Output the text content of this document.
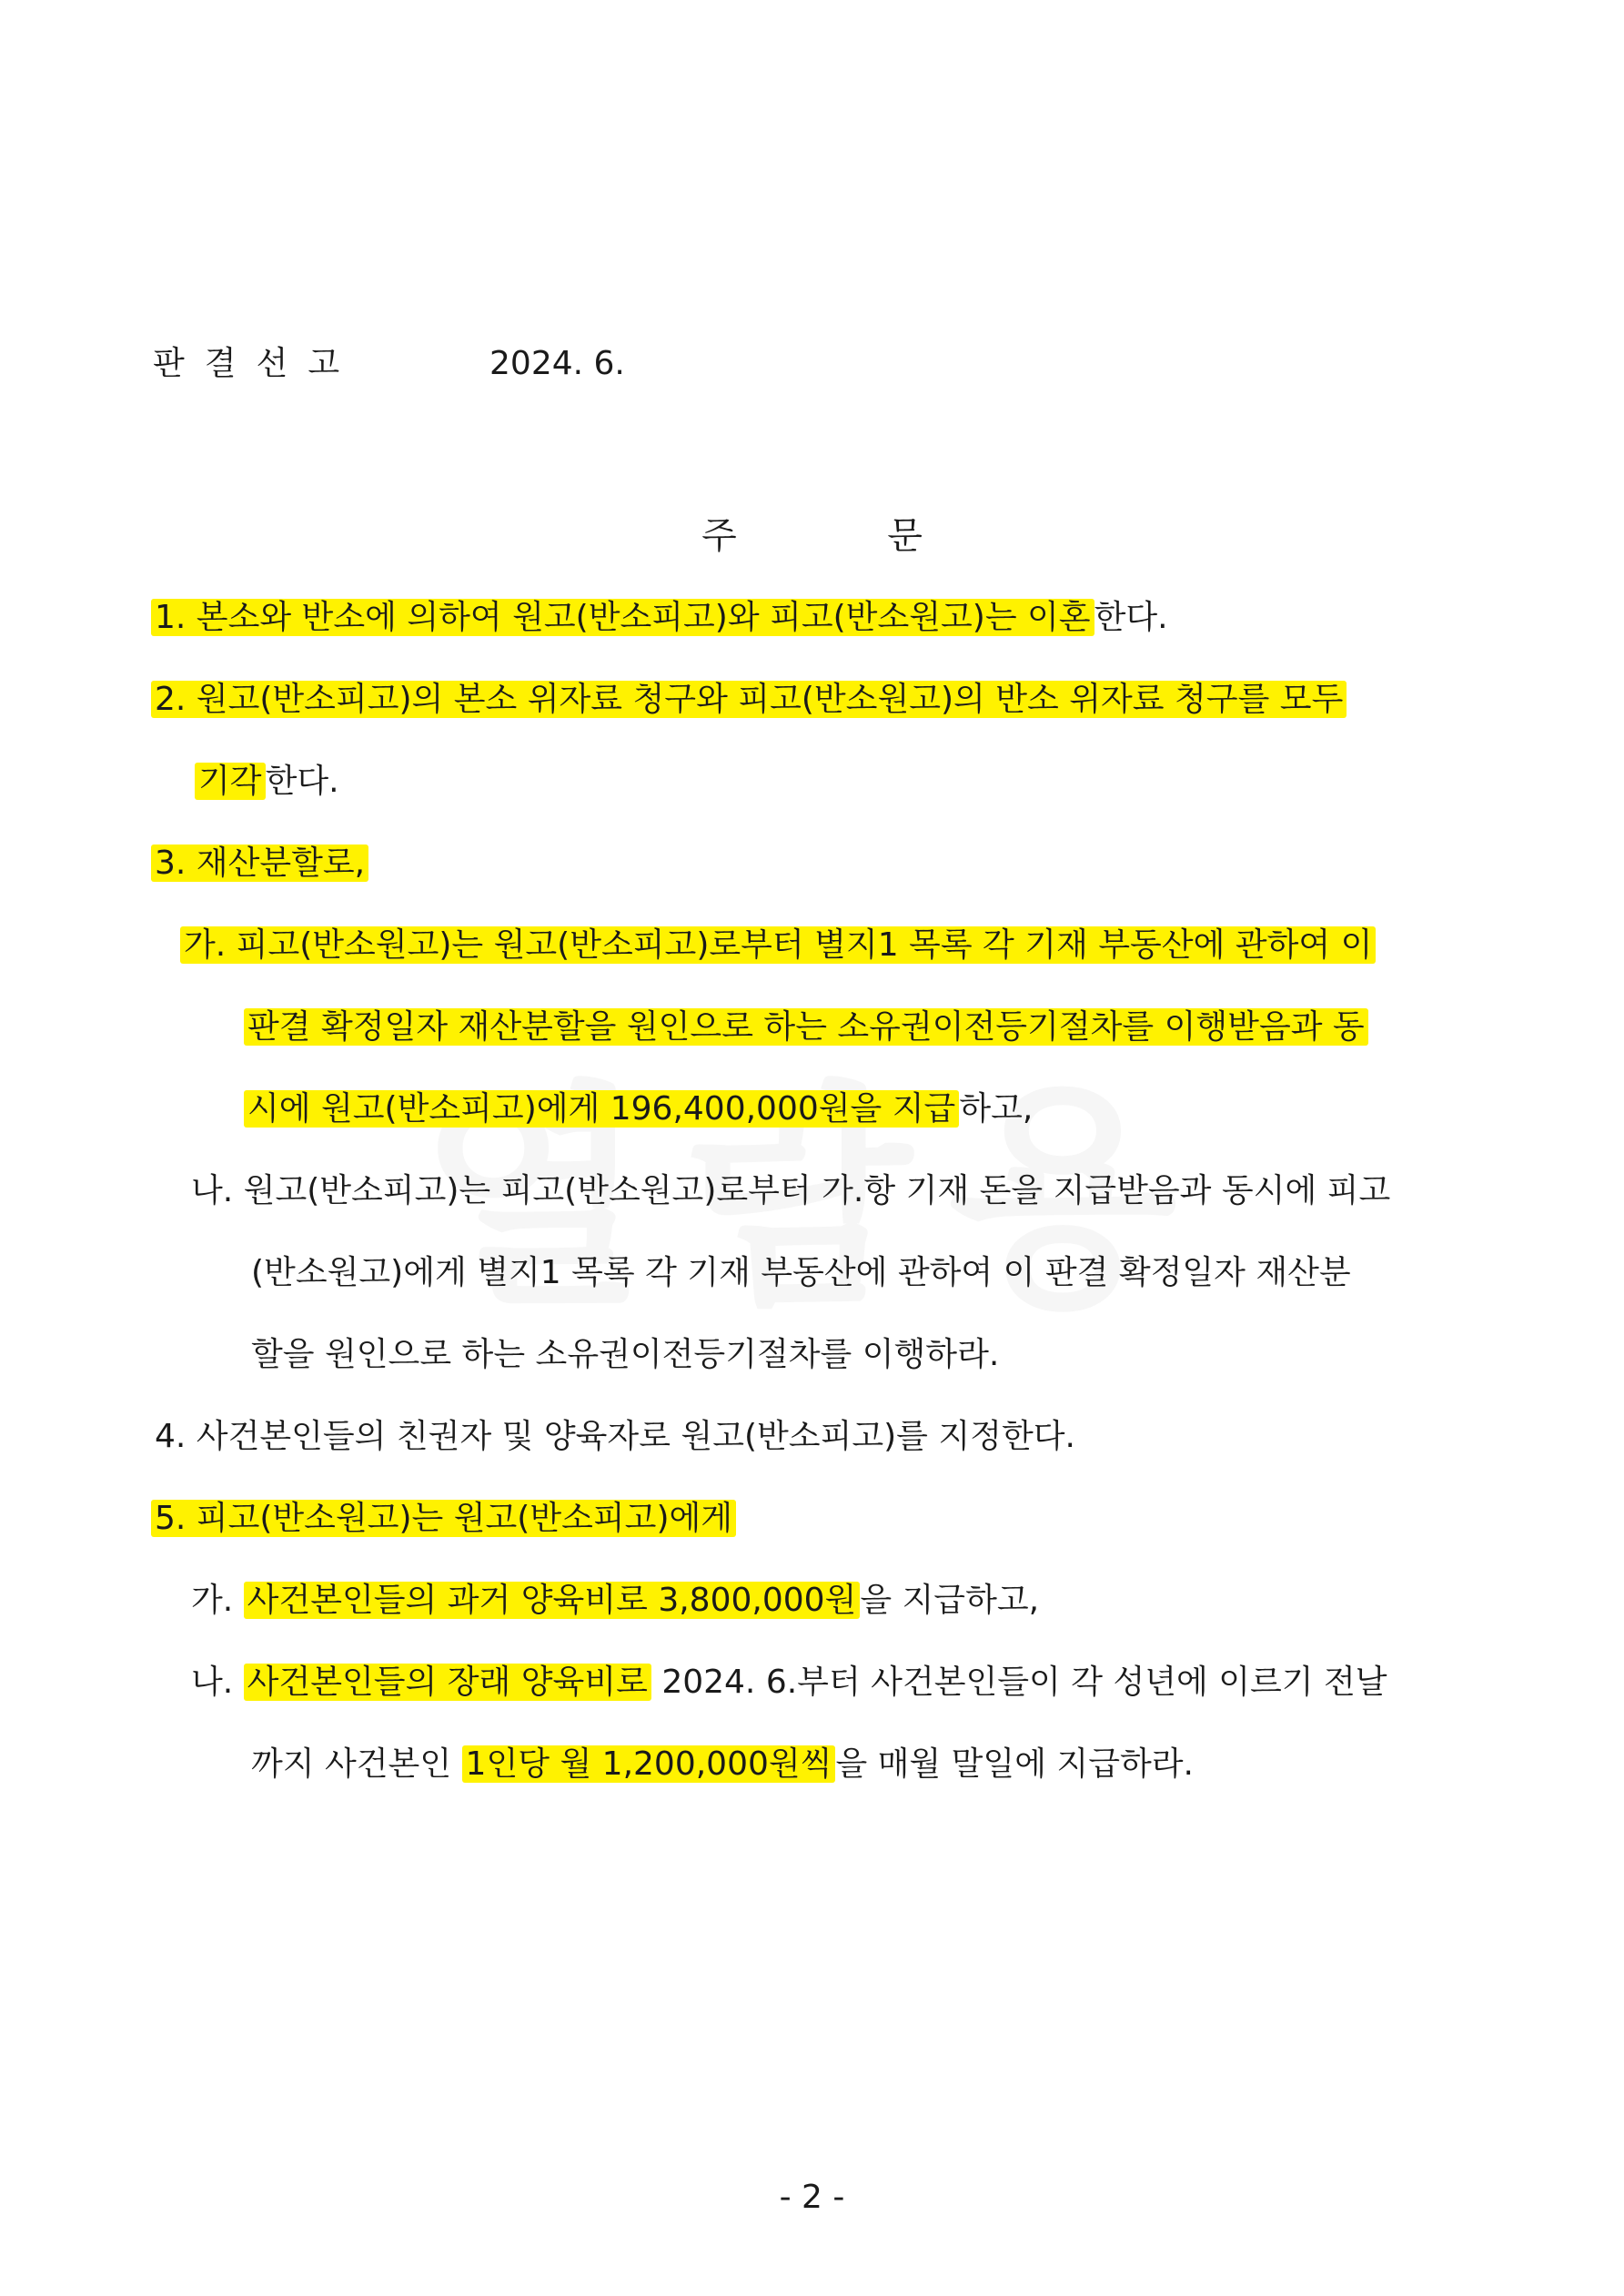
판결선고	2024. 6.
주	문
1. 본소와 반소에 의하여 원고(반소피고)와 피고(반소원고)는 이혼 한다.
2. 원고(반소피고)의 본소 위자료 청구와 피고(반소원고)의 반소 위자료 청구를 모두
기각 한다.
3. 재산분할로,
가. 피고(반소원고)는 원고(반소피고)로부터 별지1 목록 각 기재 부동산에 관하여 이
판결 확정일자 재산분할을 원인으로 하는 소유권이전등기절차를 이행받음과 동
시에 원고(반소피고)에게 196,400,000원을 지급 하고,
나. 원고(반소피고)는 피고(반소원고)로부터 가.항 기재 돈을 지급받음과 동시에 피고
(반소원고)에게 별지1 목록 각 기재 부동산에 관하여 이 판결 확정일자 재산분
할을 원인으로 하는 소유권이전등기절차를 이행하라.
4. 사건본인들의 친권자 및 양육자로 원고(반소피고)를 지정한다.
5. 피고(반소원고)는 원고(반소피고)에게
가. 사건본인들의 과거 양육비로 3,800,000원 을 지급하고,
나. 사건본인들의 장래 양육비로 2024. 6.부터 사건본인들이 각 성년에 이르기 전날
까지 사건본인 1인당 월 1,200,000원씩 을 매월 말일에 지급하라.
- 2 -
